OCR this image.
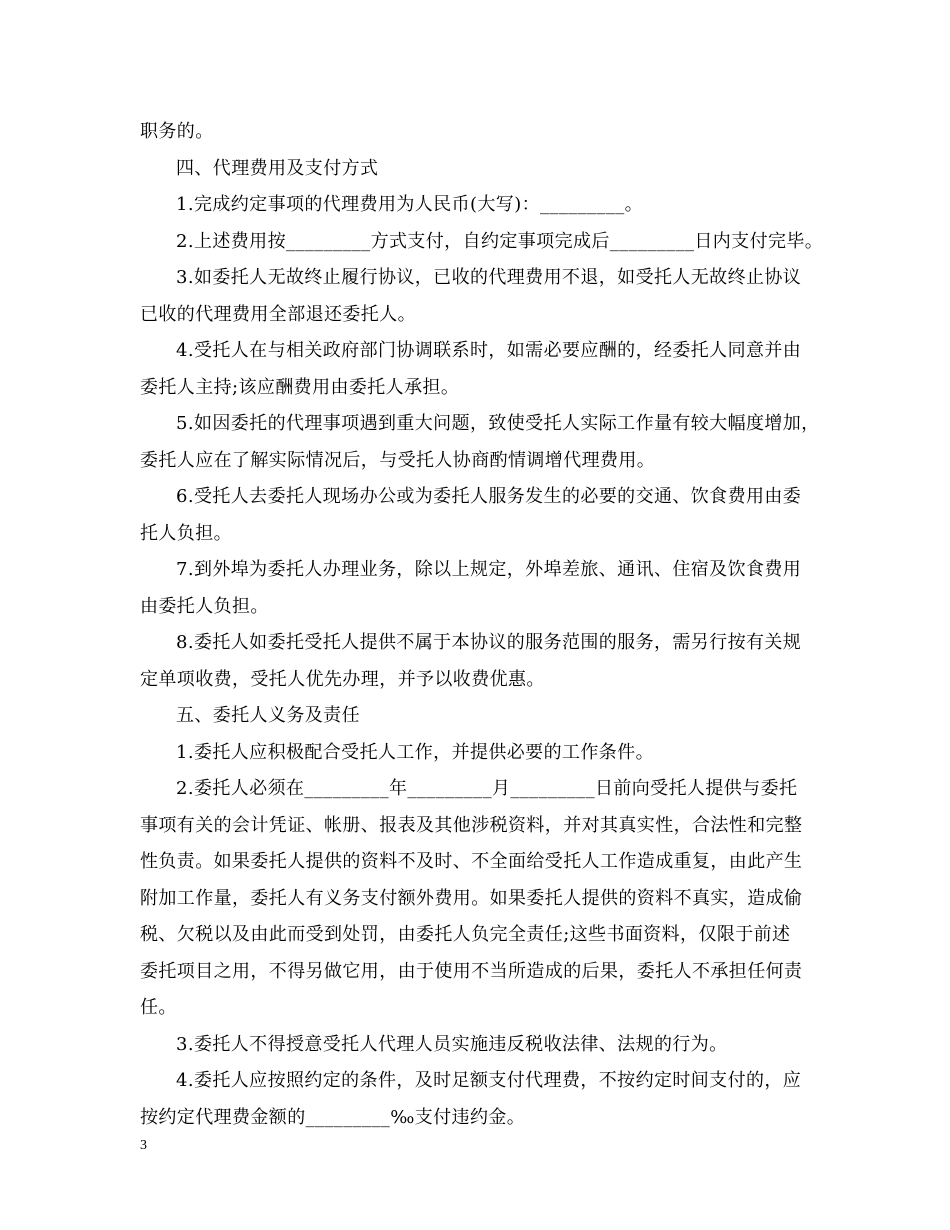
职务的。
四、代理费用及支付方式
1.完成约定事项的代理费用为人民币(大写)：_________。
2.上述费用按_________方式支付，自约定事项完成后_________日内支付完毕。
3.如委托人无故终止履行协议，已收的代理费用不退，如受托人无故终止协议
已收的代理费用全部退还委托人。
4.受托人在与相关政府部门协调联系时，如需必要应酬的，经委托人同意并由
委托人主持;该应酬费用由委托人承担。
5.如因委托的代理事项遇到重大问题，致使受托人实际工作量有较大幅度增加，
委托人应在了解实际情况后，与受托人协商酌情调增代理费用。
6.受托人去委托人现场办公或为委托人服务发生的必要的交通、饮食费用由委
托人负担。
7.到外埠为委托人办理业务，除以上规定，外埠差旅、通讯、住宿及饮食费用
由委托人负担。
8.委托人如委托受托人提供不属于本协议的服务范围的服务，需另行按有关规
定单项收费，受托人优先办理，并予以收费优惠。
五、委托人义务及责任
1.委托人应积极配合受托人工作，并提供必要的工作条件。
2.委托人必须在_________年_________月_________日前向受托人提供与委托
事项有关的会计凭证、帐册、报表及其他涉税资料，并对其真实性，合法性和完整
性负责。如果委托人提供的资料不及时、不全面给受托人工作造成重复，由此产生
附加工作量，委托人有义务支付额外费用。如果委托人提供的资料不真实，造成偷
税、欠税以及由此而受到处罚，由委托人负完全责任;这些书面资料，仅限于前述
委托项目之用，不得另做它用，由于使用不当所造成的后果，委托人不承担任何责
任。
3.委托人不得授意受托人代理人员实施违反税收法律、法规的行为。
4.委托人应按照约定的条件，及时足额支付代理费，不按约定时间支付的，应
按约定代理费金额的_________‰支付违约金。
3
